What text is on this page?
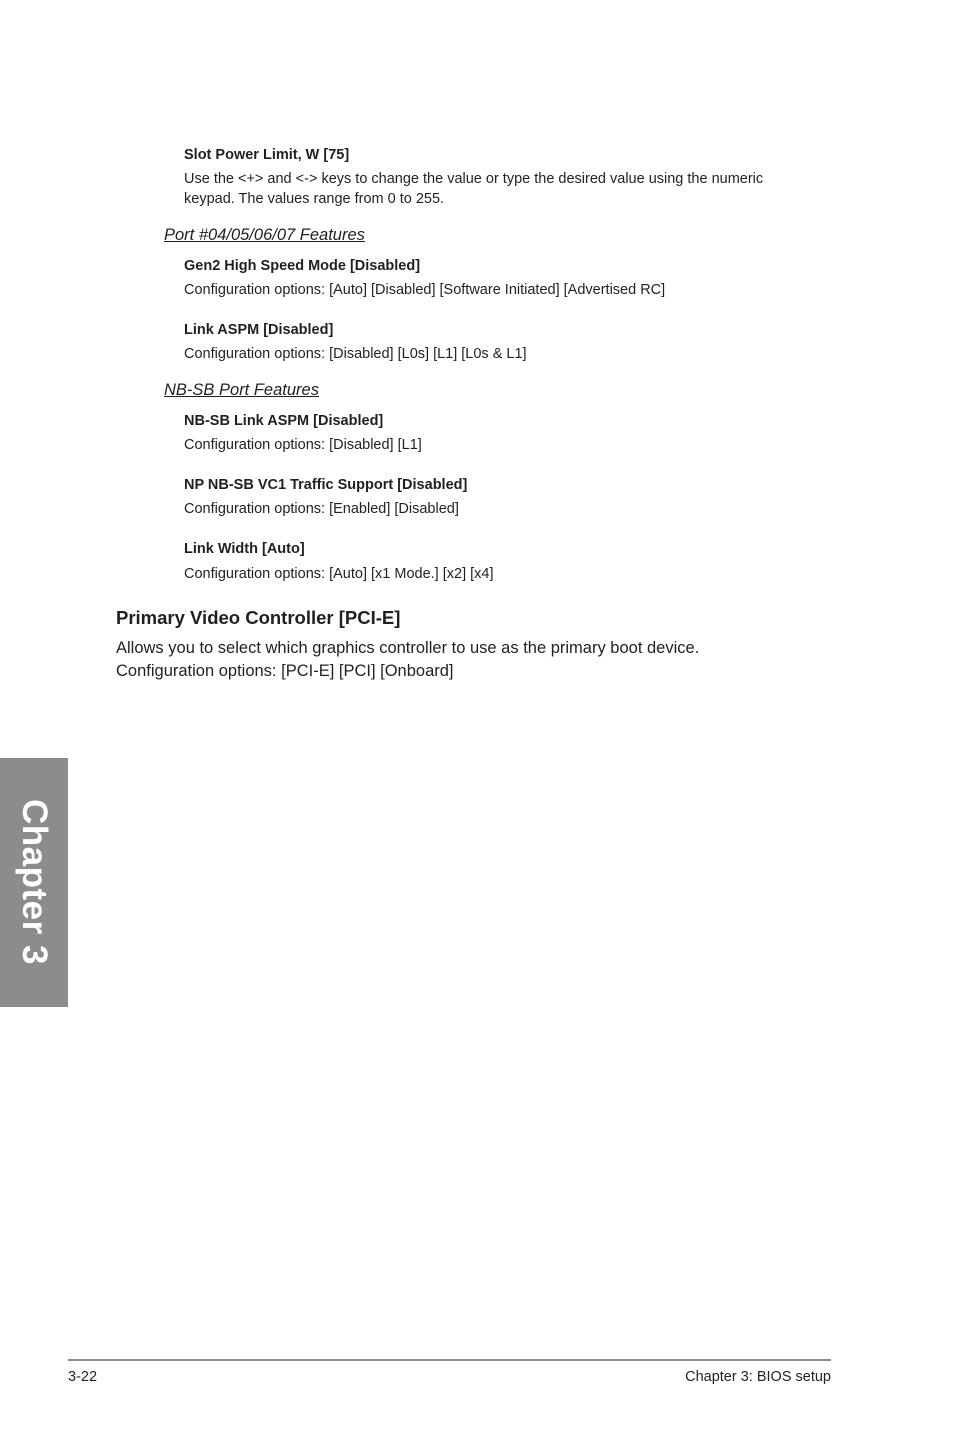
Slot Power Limit, W [75]
Use the <+> and <-> keys to change the value or type the desired value using the numeric
keypad. The values range from 0 to 255.
Port #04/05/06/07 Features
Gen2 High Speed Mode [Disabled]
Configuration options: [Auto] [Disabled] [Software Initiated] [Advertised RC]
Link ASPM [Disabled]
Configuration options: [Disabled] [L0s] [L1] [L0s & L1]
NB-SB Port Features
NB-SB Link ASPM [Disabled]
Configuration options: [Disabled] [L1]
NP NB-SB VC1 Traffic Support [Disabled]
Configuration options: [Enabled] [Disabled]
Link Width [Auto]
Configuration options: [Auto] [x1 Mode.] [x2] [x4]
Primary Video Controller [PCI-E]
Allows you to select which graphics controller to use as the primary boot device.
Configuration options: [PCI-E] [PCI] [Onboard]
Chapter 3
3-22	Chapter 3: BIOS setup
